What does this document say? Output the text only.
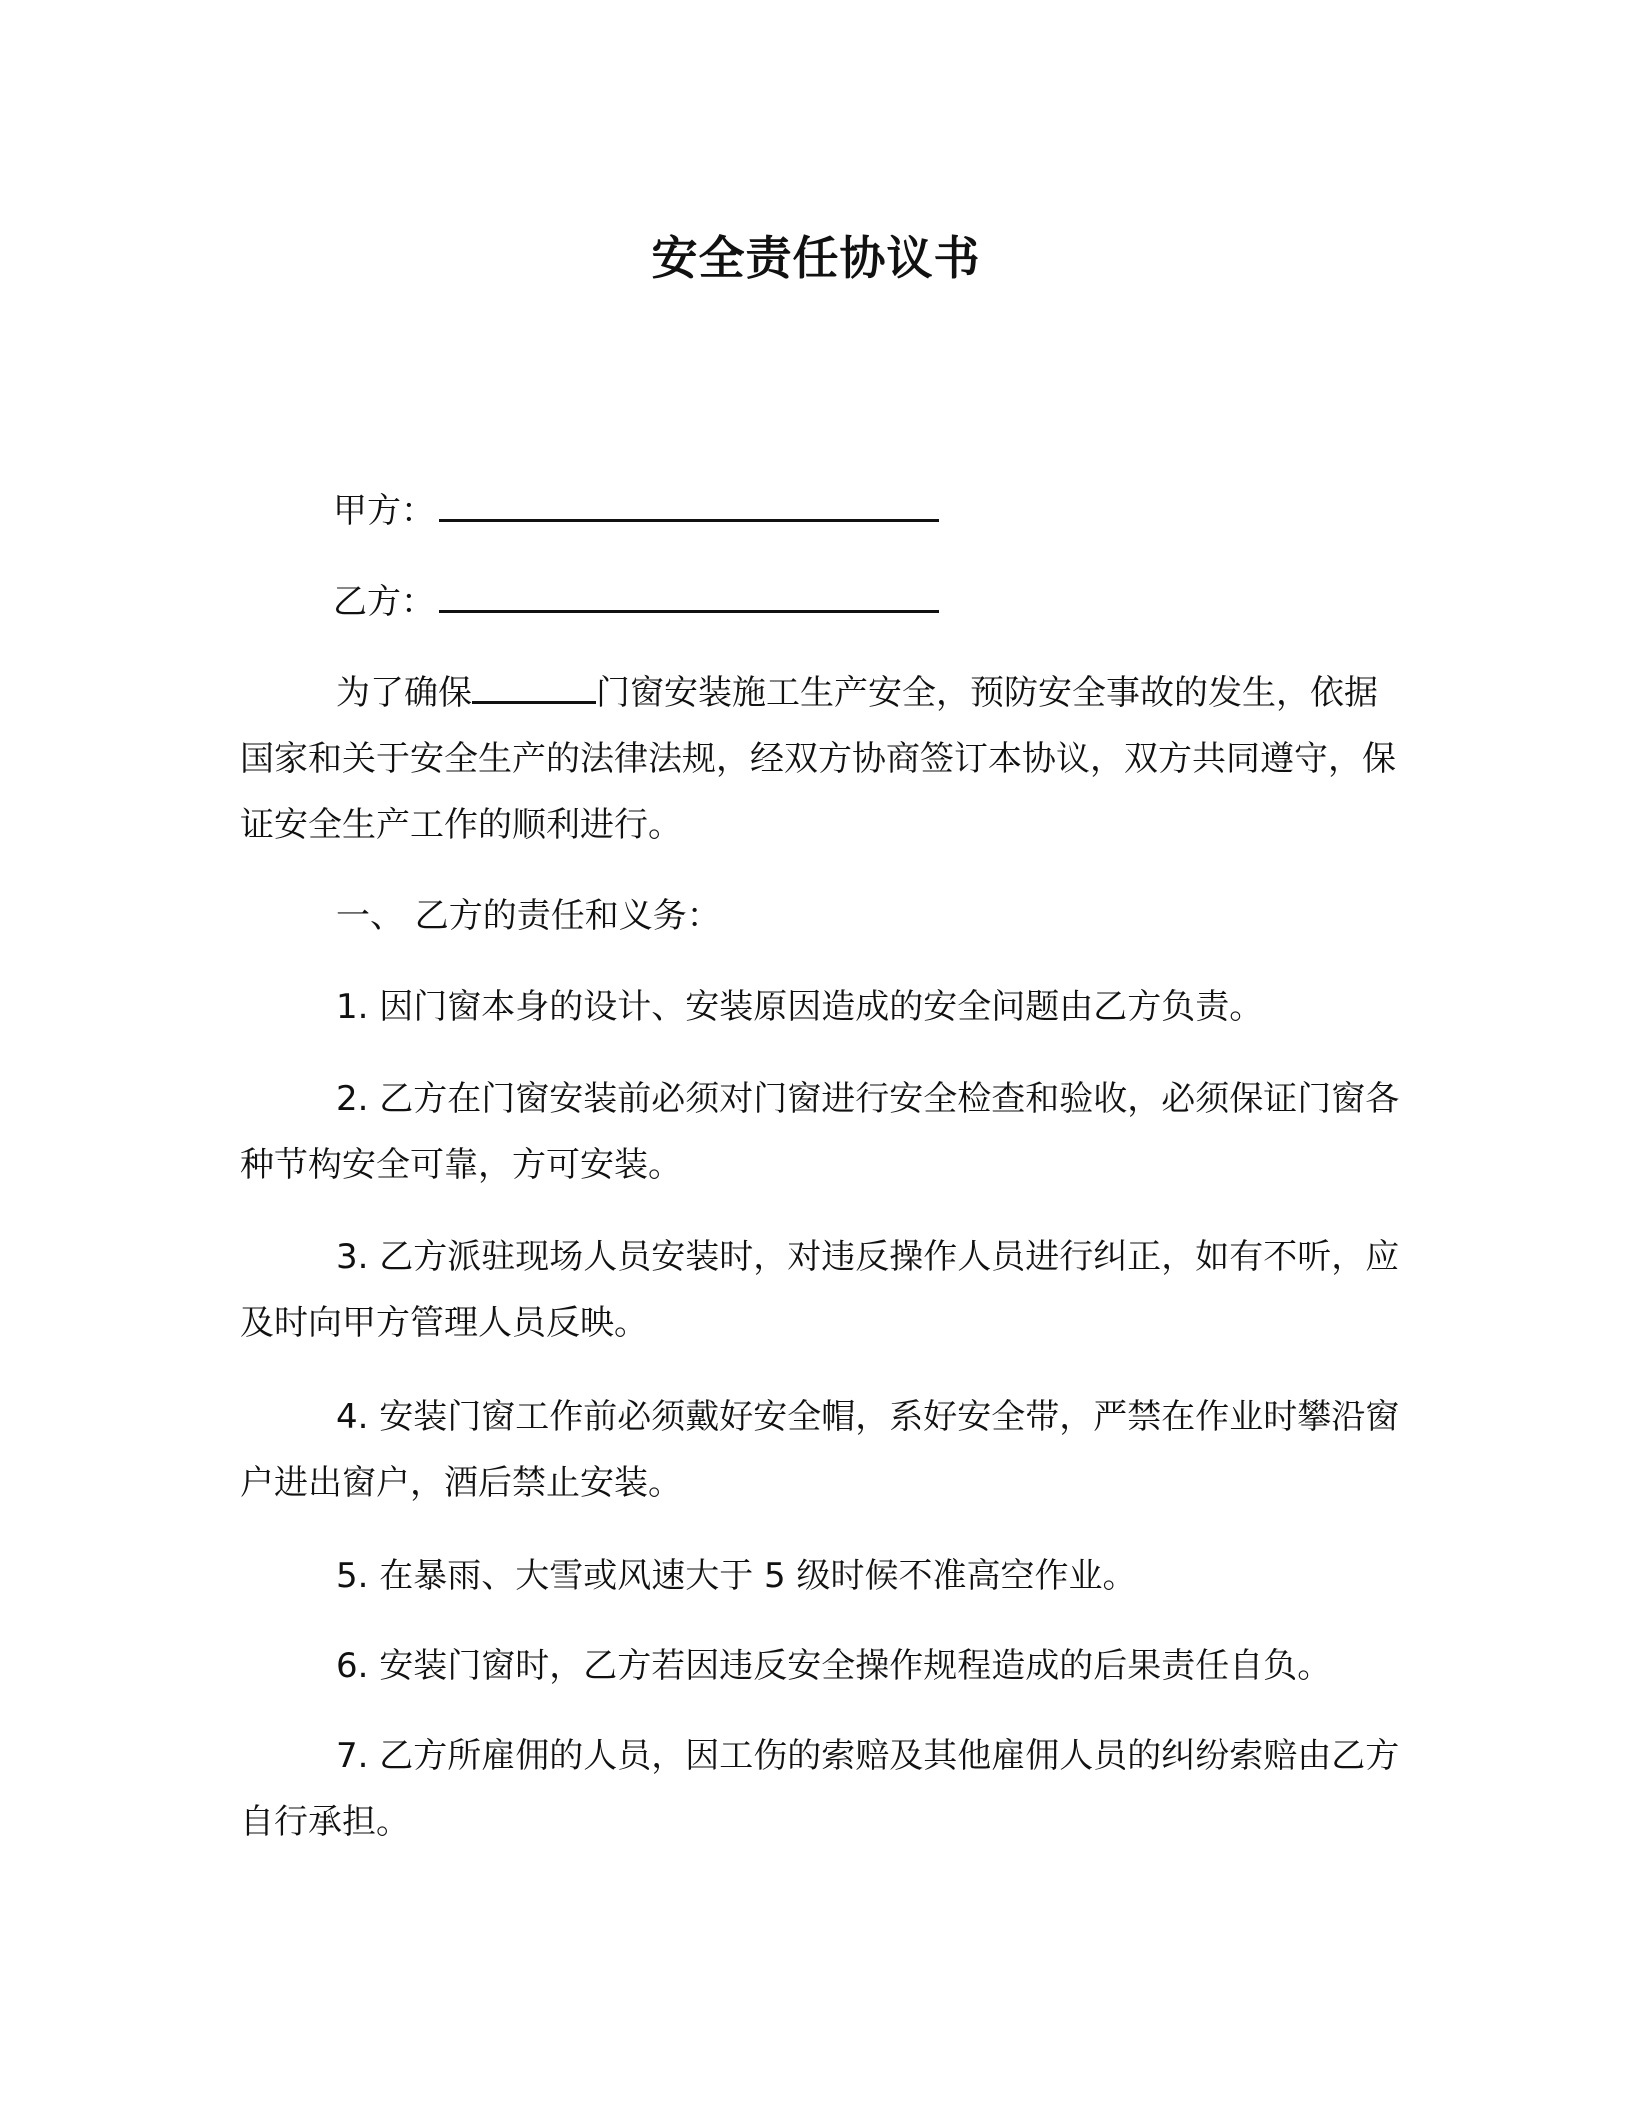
安全责任协议书
甲方：
乙方：
为了确保	门窗安装施工生产安全，预防安全事故的发生，依据国家和关于安全生产的法律法规，经双方协商签订本协议，双方共同遵守，保证安全生产工作的顺利进行。
一、 乙方的责任和义务：
1. 因门窗本身的设计、安装原因造成的安全问题由乙方负责。
2. 乙方在门窗安装前必须对门窗进行安全检查和验收，必须保证门窗各种节构安全可靠，方可安装。
3. 乙方派驻现场人员安装时，对违反操作人员进行纠正，如有不听，应及时向甲方管理人员反映。
4. 安装门窗工作前必须戴好安全帽，系好安全带，严禁在作业时攀沿窗户进出窗户，酒后禁止安装。
5. 在暴雨、大雪或风速大于 5 级时候不准高空作业。
6. 安装门窗时，乙方若因违反安全操作规程造成的后果责任自负。
7. 乙方所雇佣的人员，因工伤的索赔及其他雇佣人员的纠纷索赔由乙方自行承担。
